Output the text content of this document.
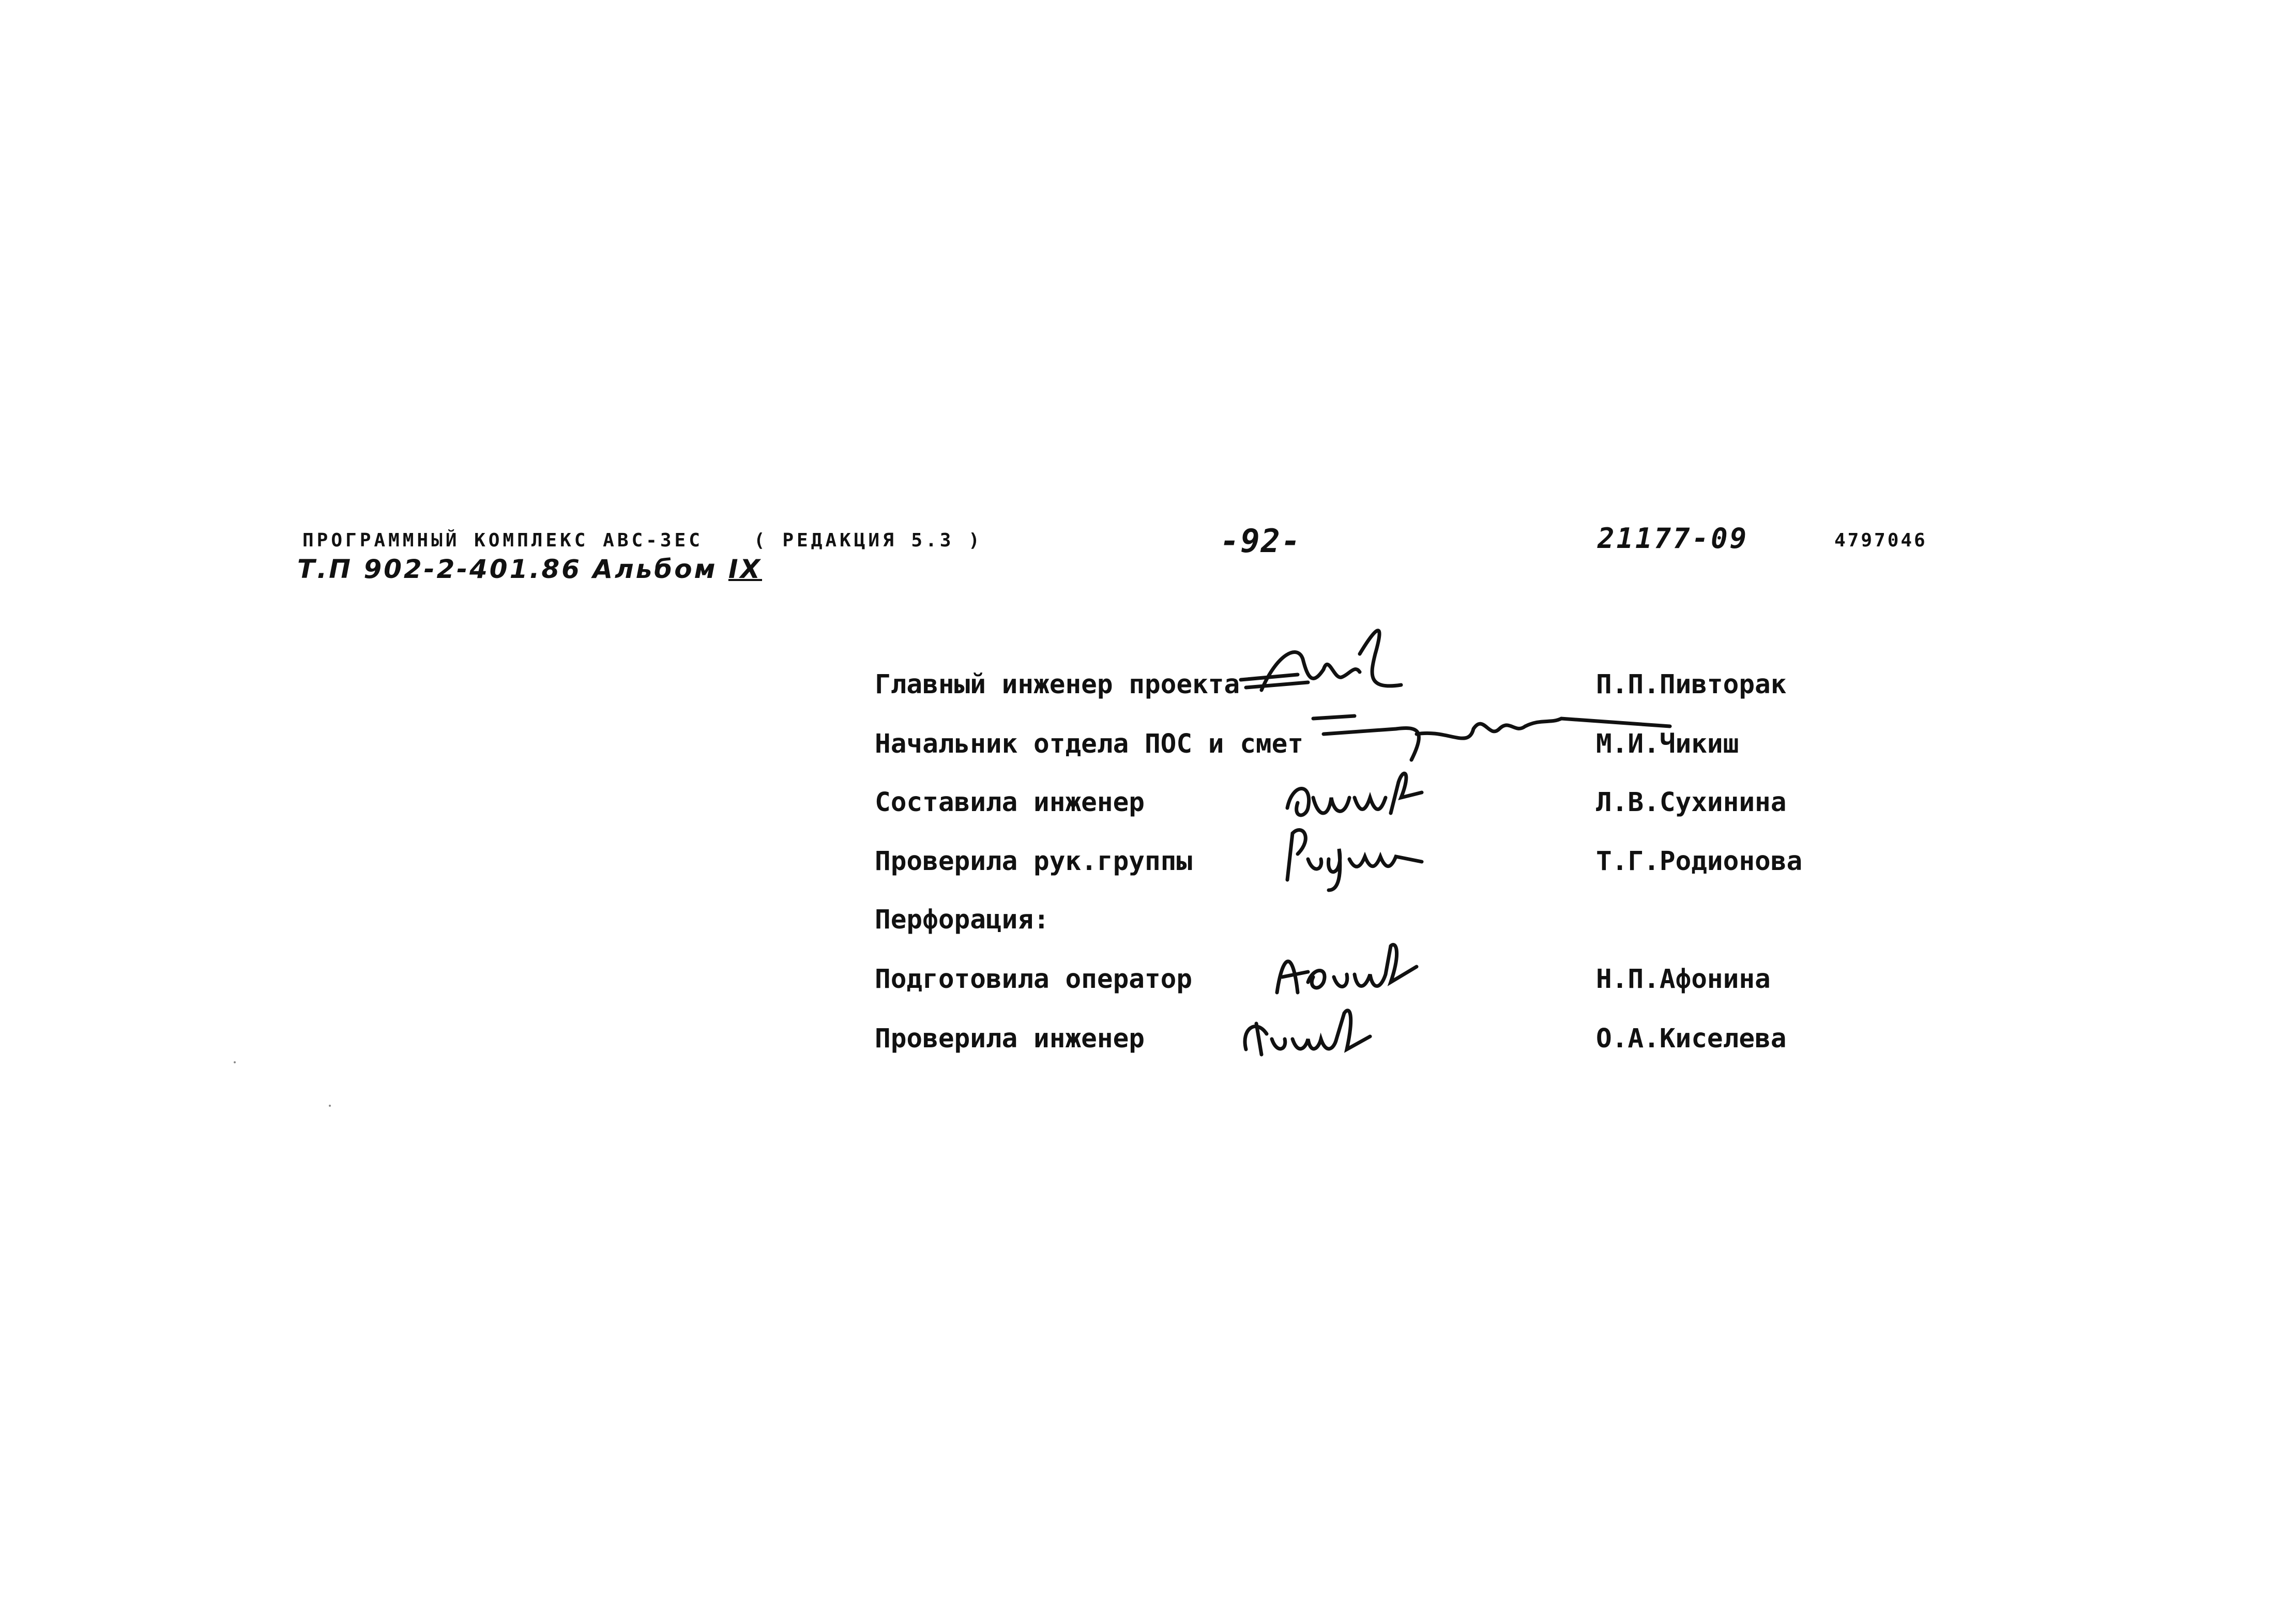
ПРОГРАММНЫЙ КОМПЛЕКС АВС-3ЕС	( РЕДАКЦИЯ 5.3 )	-92-	21177-09	4797046
Т.П 902-2-401.86 Альбом IX
Главный инженер проекта	П.П.Пивторак
Начальник отдела ПОС и смет	М.И.Чикиш
Составила инженер	Л.В.Сухинина
Проверила рук.группы	Т.Г.Родионова
Перфорация:
Подготовила оператор	Н.П.Афонина
Проверила инженер	О.А.Киселева
